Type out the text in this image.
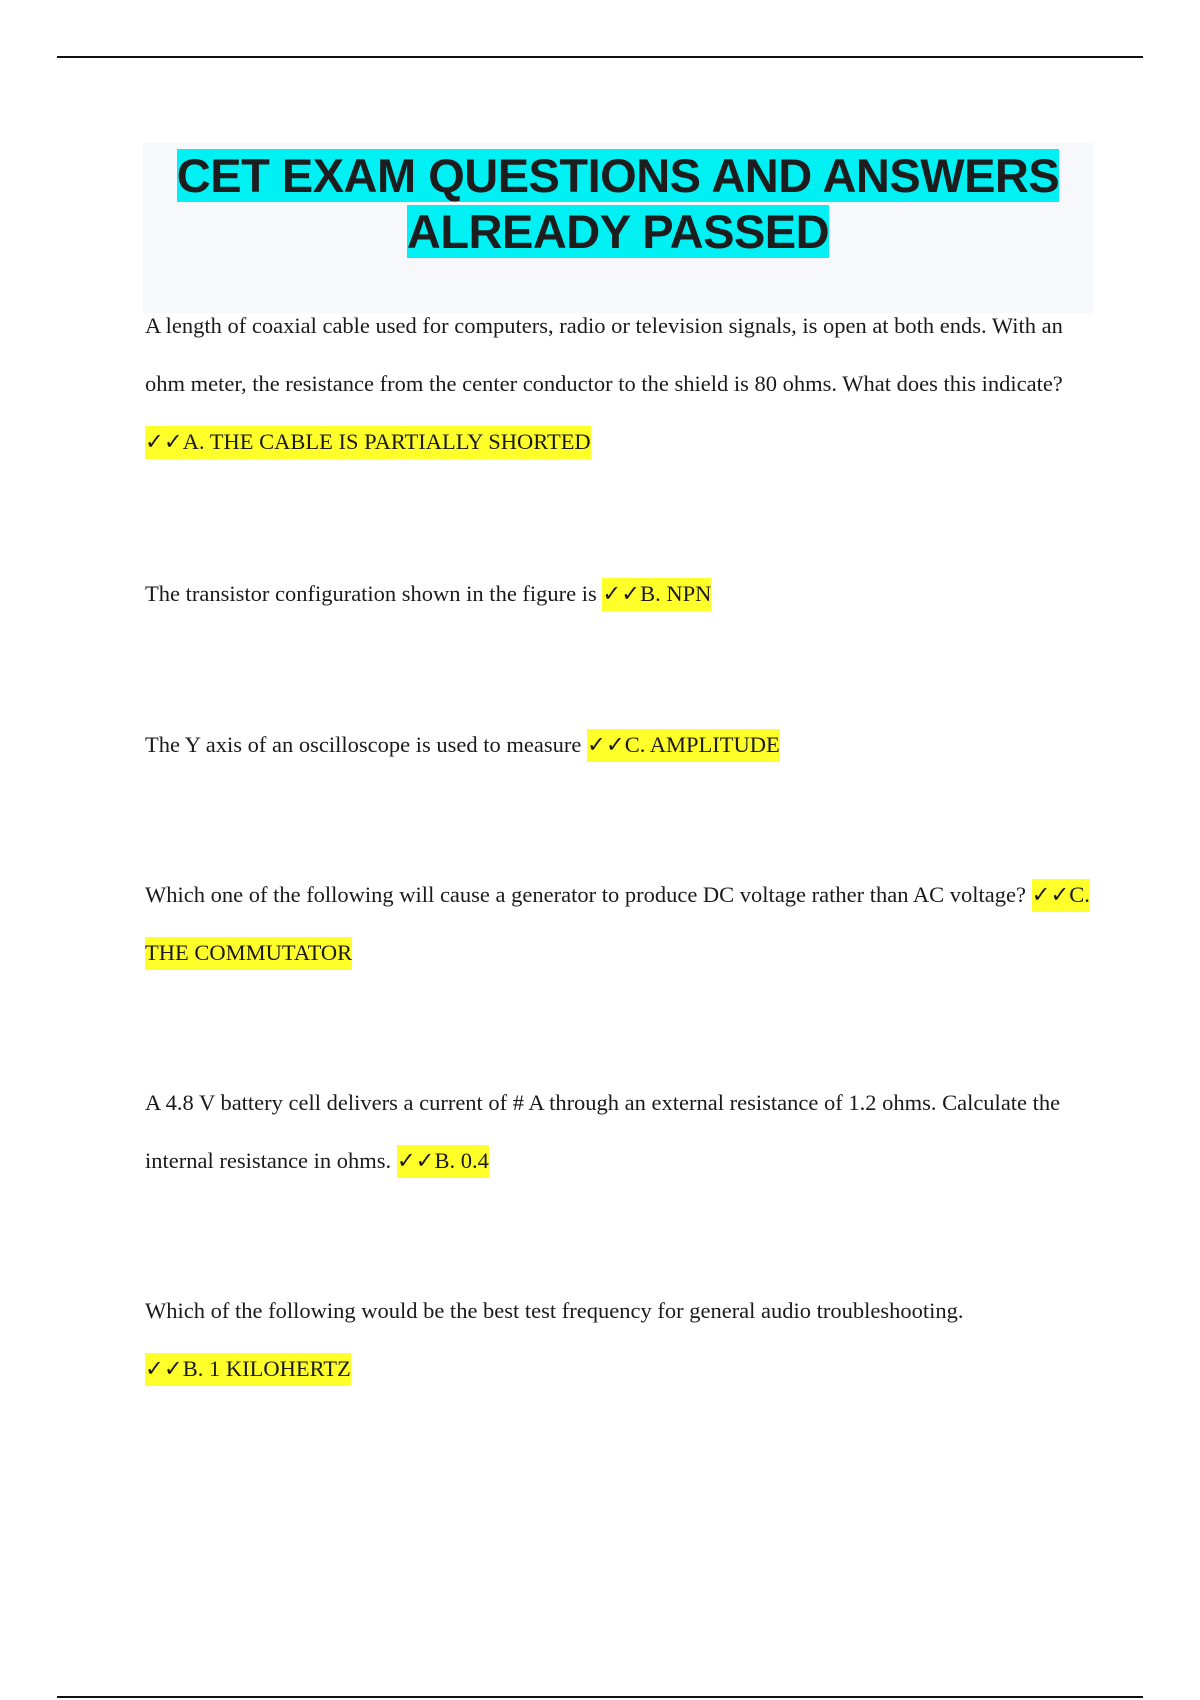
CET EXAM QUESTIONS AND ANSWERS
ALREADY PASSED
A length of coaxial cable used for computers, radio or television signals, is open at both ends. With an ohm meter, the resistance from the center conductor to the shield is 80 ohms. What does this indicate? ✓✓A. THE CABLE IS PARTIALLY SHORTED
The transistor configuration shown in the figure is ✓✓B. NPN
The Y axis of an oscilloscope is used to measure ✓✓C. AMPLITUDE
Which one of the following will cause a generator to produce DC voltage rather than AC voltage? ✓✓C. THE COMMUTATOR
A 4.8 V battery cell delivers a current of # A through an external resistance of 1.2 ohms. Calculate the internal resistance in ohms. ✓✓B. 0.4
Which of the following would be the best test frequency for general audio troubleshooting.
✓✓B. 1 KILOHERTZ
